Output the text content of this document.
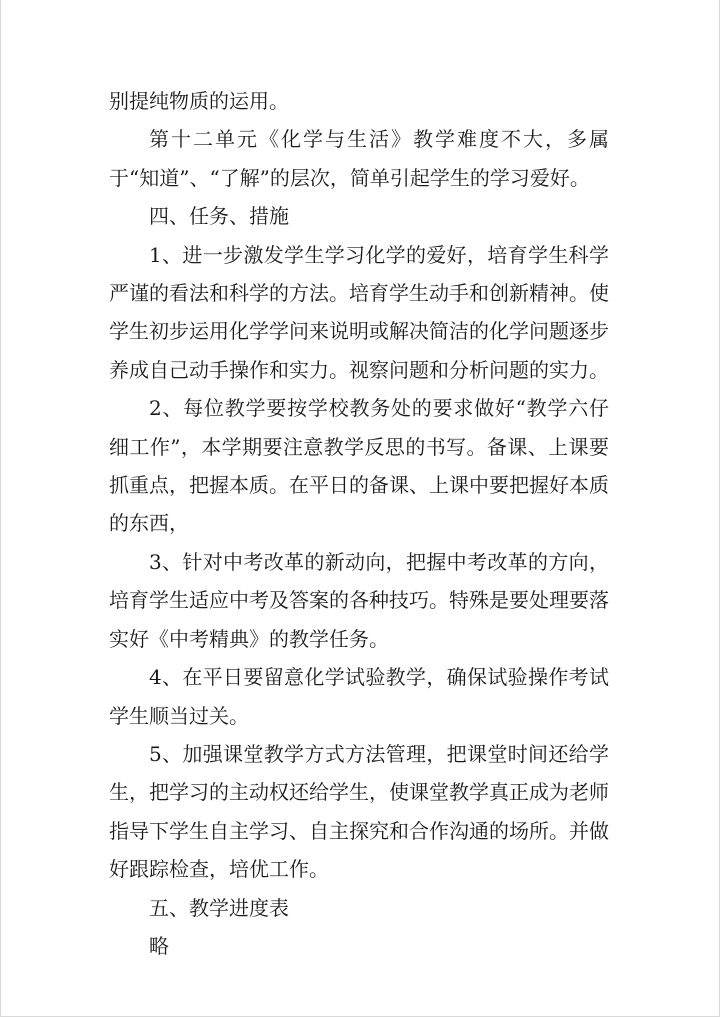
别提纯物质的运用。

第十二单元《化学与生活》教学难度不大，多属于“知道”、“了解”的层次，简单引起学生的学习爱好。

四、任务、措施

1、进一步激发学生学习化学的爱好，培育学生科学严谨的看法和科学的方法。培育学生动手和创新精神。使学生初步运用化学学问来说明或解决简洁的化学问题逐步养成自己动手操作和实力。视察问题和分析问题的实力。

2、每位教学要按学校教务处的要求做好“教学六仔细工作”，本学期要注意教学反思的书写。备课、上课要抓重点，把握本质。在平日的备课、上课中要把握好本质的东西，

3、针对中考改革的新动向，把握中考改革的方向，培育学生适应中考及答案的各种技巧。特殊是要处理要落实好《中考精典》的教学任务。

4、在平日要留意化学试验教学，确保试验操作考试学生顺当过关。

5、加强课堂教学方式方法管理，把课堂时间还给学生，把学习的主动权还给学生，使课堂教学真正成为老师指导下学生自主学习、自主探究和合作沟通的场所。并做好跟踪检查，培优工作。

五、教学进度表

略
